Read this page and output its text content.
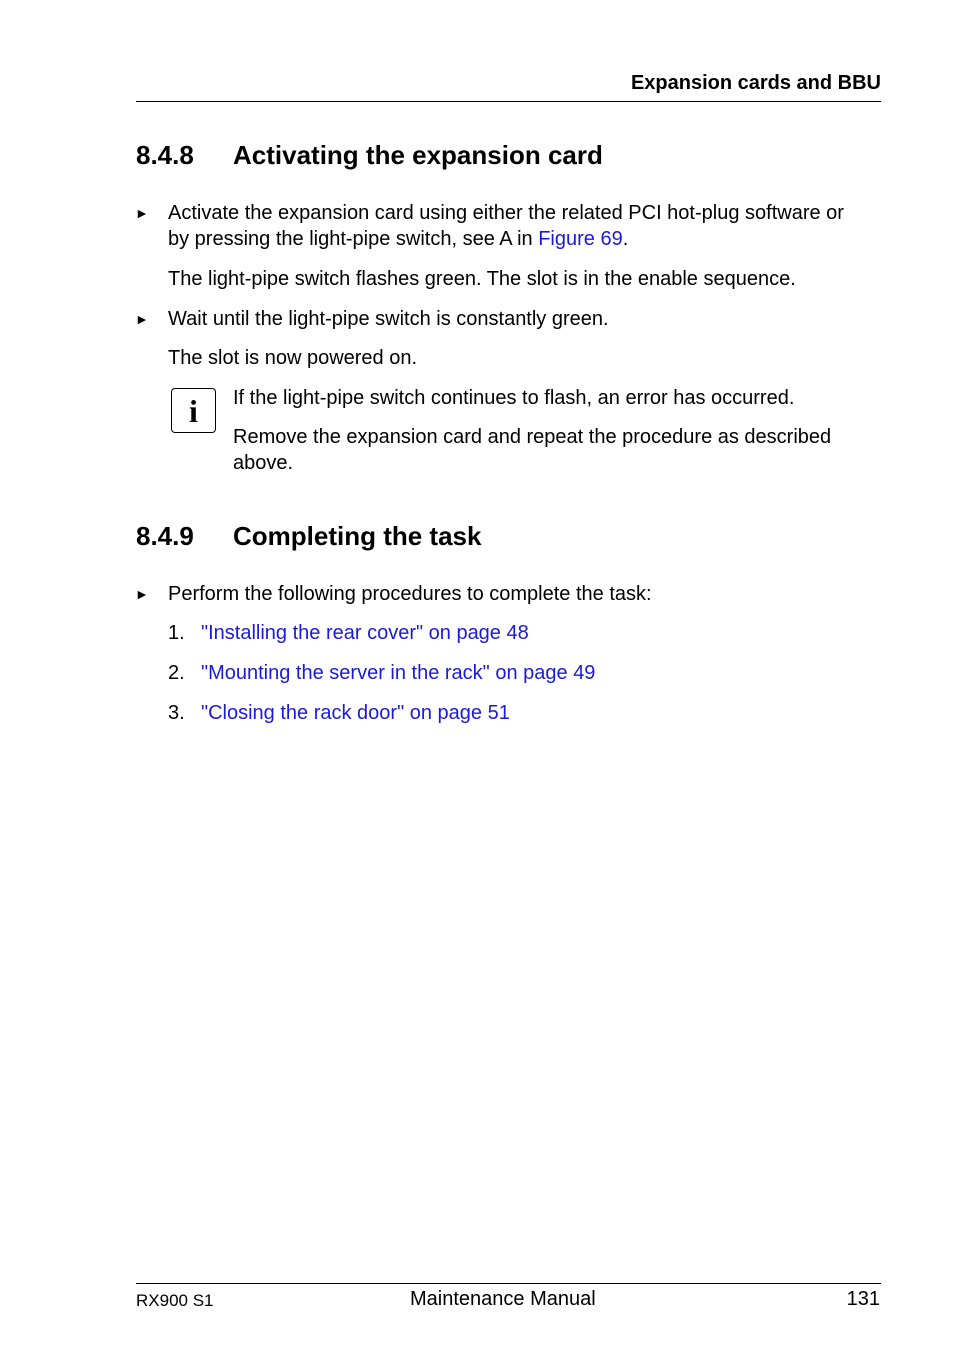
Expansion cards and BBU
8.4.8 Activating the expansion card
► Activate the expansion card using either the related PCI hot-plug software or
by pressing the light-pipe switch, see A in Figure 69.
The light-pipe switch flashes green. The slot is in the enable sequence.
► Wait until the light-pipe switch is constantly green.
The slot is now powered on.
i	If the light-pipe switch continues to flash, an error has occurred.
Remove the expansion card and repeat the procedure as described
above.
8.4.9 Completing the task
► Perform the following procedures to complete the task:
1. "Installing the rear cover" on page 48
2. "Mounting the server in the rack" on page 49
3. "Closing the rack door" on page 51
RX900 S1	Maintenance Manual	131
